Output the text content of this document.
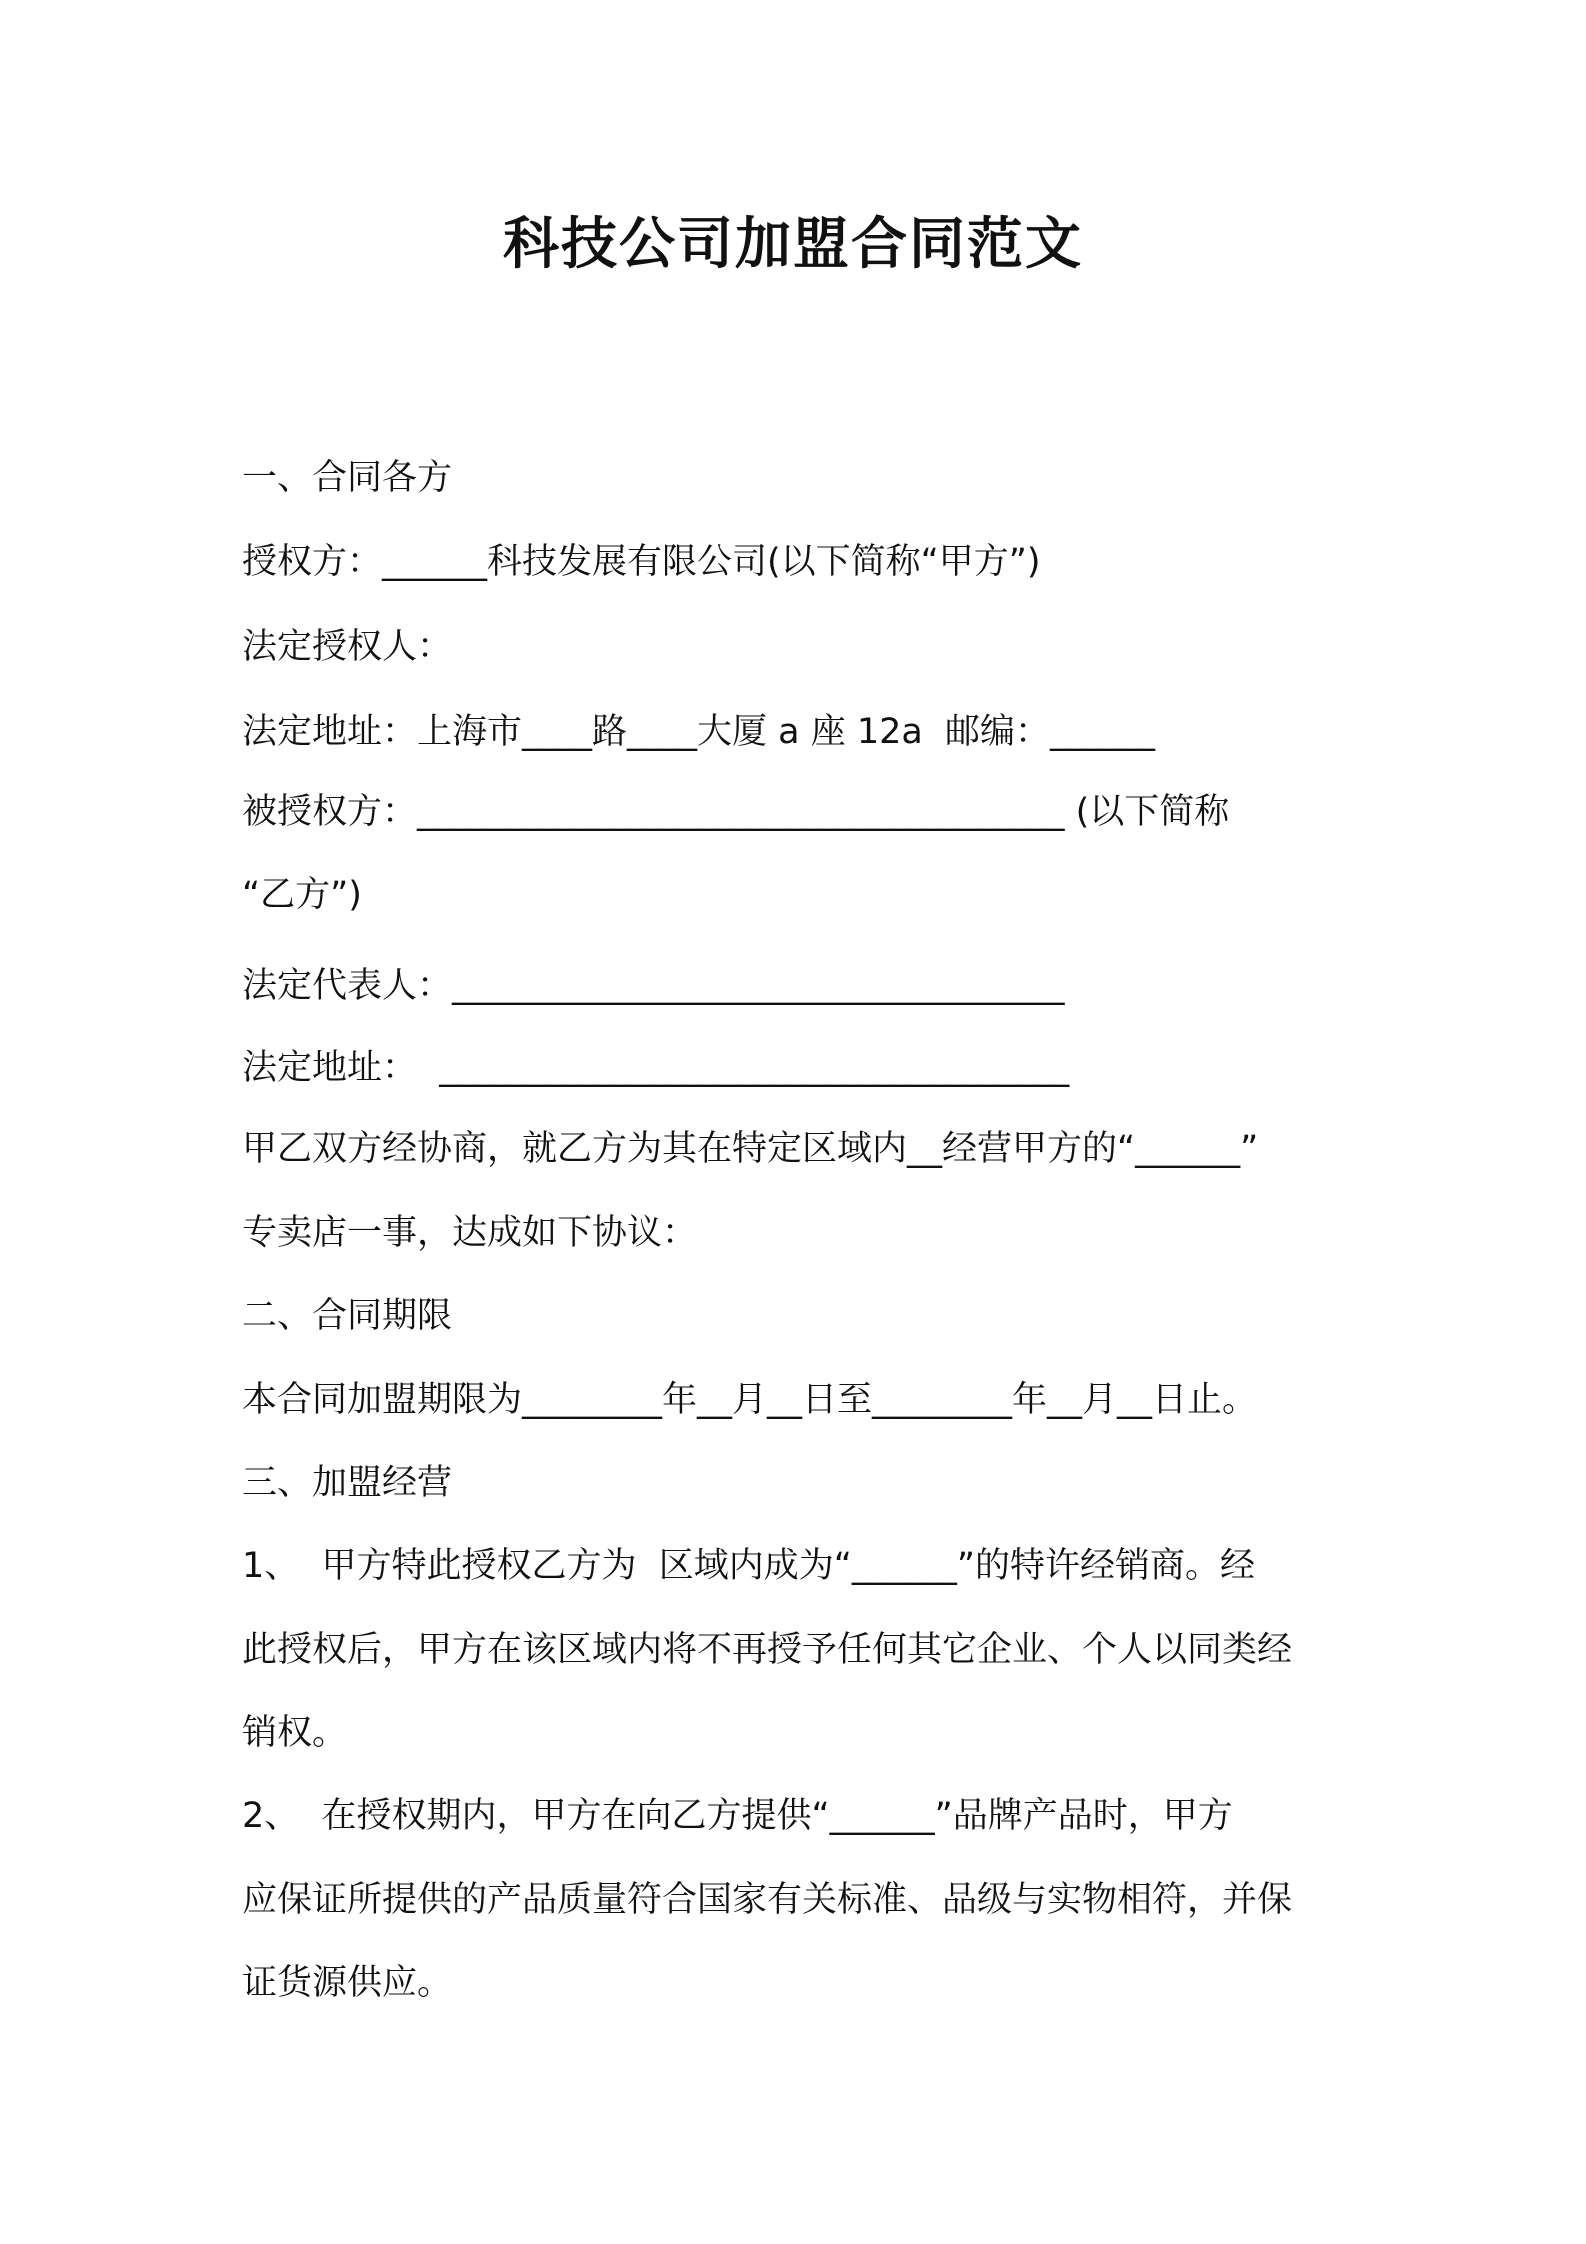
科技公司加盟合同范文

一、合同各方

授权方：______科技发展有限公司(以下简称“甲方”)

法定授权人：

法定地址：上海市____路____大厦 a 座 12a  邮编：______

被授权方：_____________________________________ (以下简称

“乙方”)

法定代表人：___________________________________

法定地址：  ____________________________________

甲乙双方经协商，就乙方为其在特定区域内__经营甲方的“______”

专卖店一事，达成如下协议：

二、合同期限

本合同加盟期限为________年__月__日至________年__月__日止。

三、加盟经营

1、  甲方特此授权乙方为  区域内成为“______”的特许经销商。经

此授权后，甲方在该区域内将不再授予任何其它企业、个人以同类经

销权。

2、  在授权期内，甲方在向乙方提供“______”品牌产品时，甲方

应保证所提供的产品质量符合国家有关标准、品级与实物相符，并保

证货源供应。
